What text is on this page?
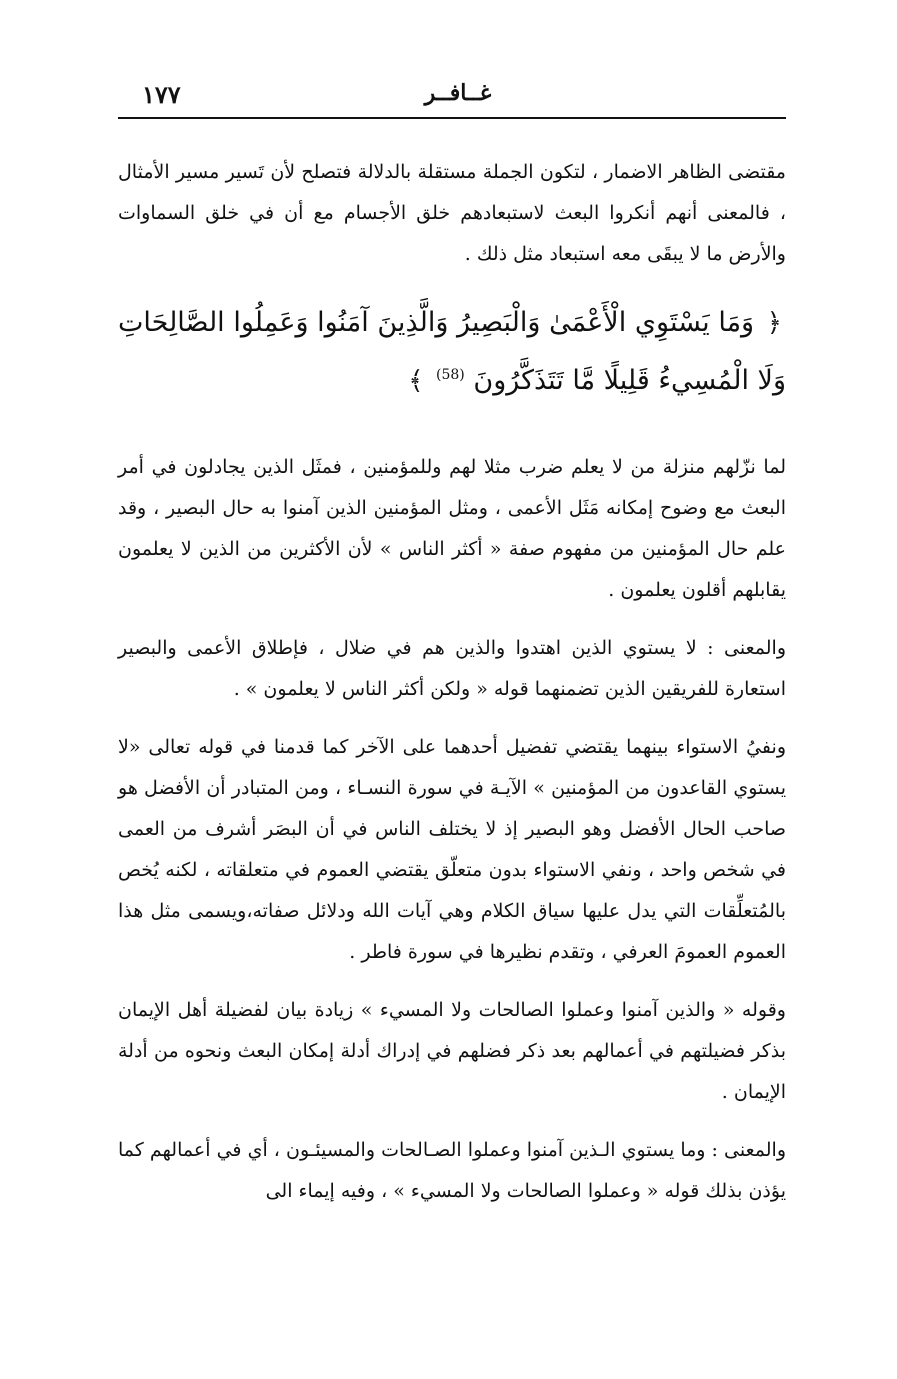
١٧٧	غــافــر

مقتضى الظاهر الاضمار ، لتكون الجملة مستقلة بالدلالة فتصلح لأن تَسير مسير الأمثال ، فالمعنى أنهم أنكروا البعث لاستبعادهم خلق الأجسام مع أن في خلق السماوات والأرض ما لا يبقَى معه استبعاد مثل ذلك .

﴿ وَمَا يَسْتَوِي الْأَعْمَىٰ وَالْبَصِيرُ وَالَّذِينَ آمَنُوا وَعَمِلُوا الصَّالِحَاتِ وَلَا الْمُسِيءُ قَلِيلًا مَّا تَتَذَكَّرُونَ $^{(58)}$ ﴾

لما نزّلهم منزلة من لا يعلم ضرب مثلا لهم وللمؤمنين ، فمثَل الذين يجادلون في أمر البعث مع وضوح إمكانه مَثَل الأعمى ، ومثل المؤمنين الذين آمنوا به حال البصير ، وقد علم حال المؤمنين من مفهوم صفة « أكثر الناس » لأن الأكثرين من الذين لا يعلمون يقابلهم أقلون يعلمون .

والمعنى : لا يستوي الذين اهتدوا والذين هم في ضلال ، فإطلاق الأعمى والبصير استعارة للفريقين الذين تضمنهما قوله « ولكن أكثر الناس لا يعلمون » .

ونفيُ الاستواء بينهما يقتضي تفضيل أحدهما على الآخر كما قدمنا في قوله تعالى «لا يستوي القاعدون من المؤمنين » الآيـة في سورة النسـاء ، ومن المتبادر أن الأفضل هو صاحب الحال الأفضل وهو البصير إذ لا يختلف الناس في أن البصَر أشرف من العمى في شخص واحد ، ونفي الاستواء بدون متعلّق يقتضي العموم في متعلقاته ، لكنه يُخص بالمُتعلِّقات التي يدل عليها سياق الكلام وهي آيات الله ودلائل صفاته،ويسمى مثل هذا العموم العمومَ العرفي ، وتقدم نظيرها في سورة فاطر .

وقوله « والذين آمنوا وعملوا الصالحات ولا المسيء » زيادة بيان لفضيلة أهل الإيمان بذكر فضيلتهم في أعمالهم بعد ذكر فضلهم في إدراك أدلة إمكان البعث ونحوه من أدلة الإيمان .

والمعنى : وما يستوي الـذين آمنوا وعملوا الصـالحات والمسيئـون ، أي في أعمالهم كما يؤذن بذلك قوله « وعملوا الصالحات ولا المسيء » ، وفيه إيماء الى
